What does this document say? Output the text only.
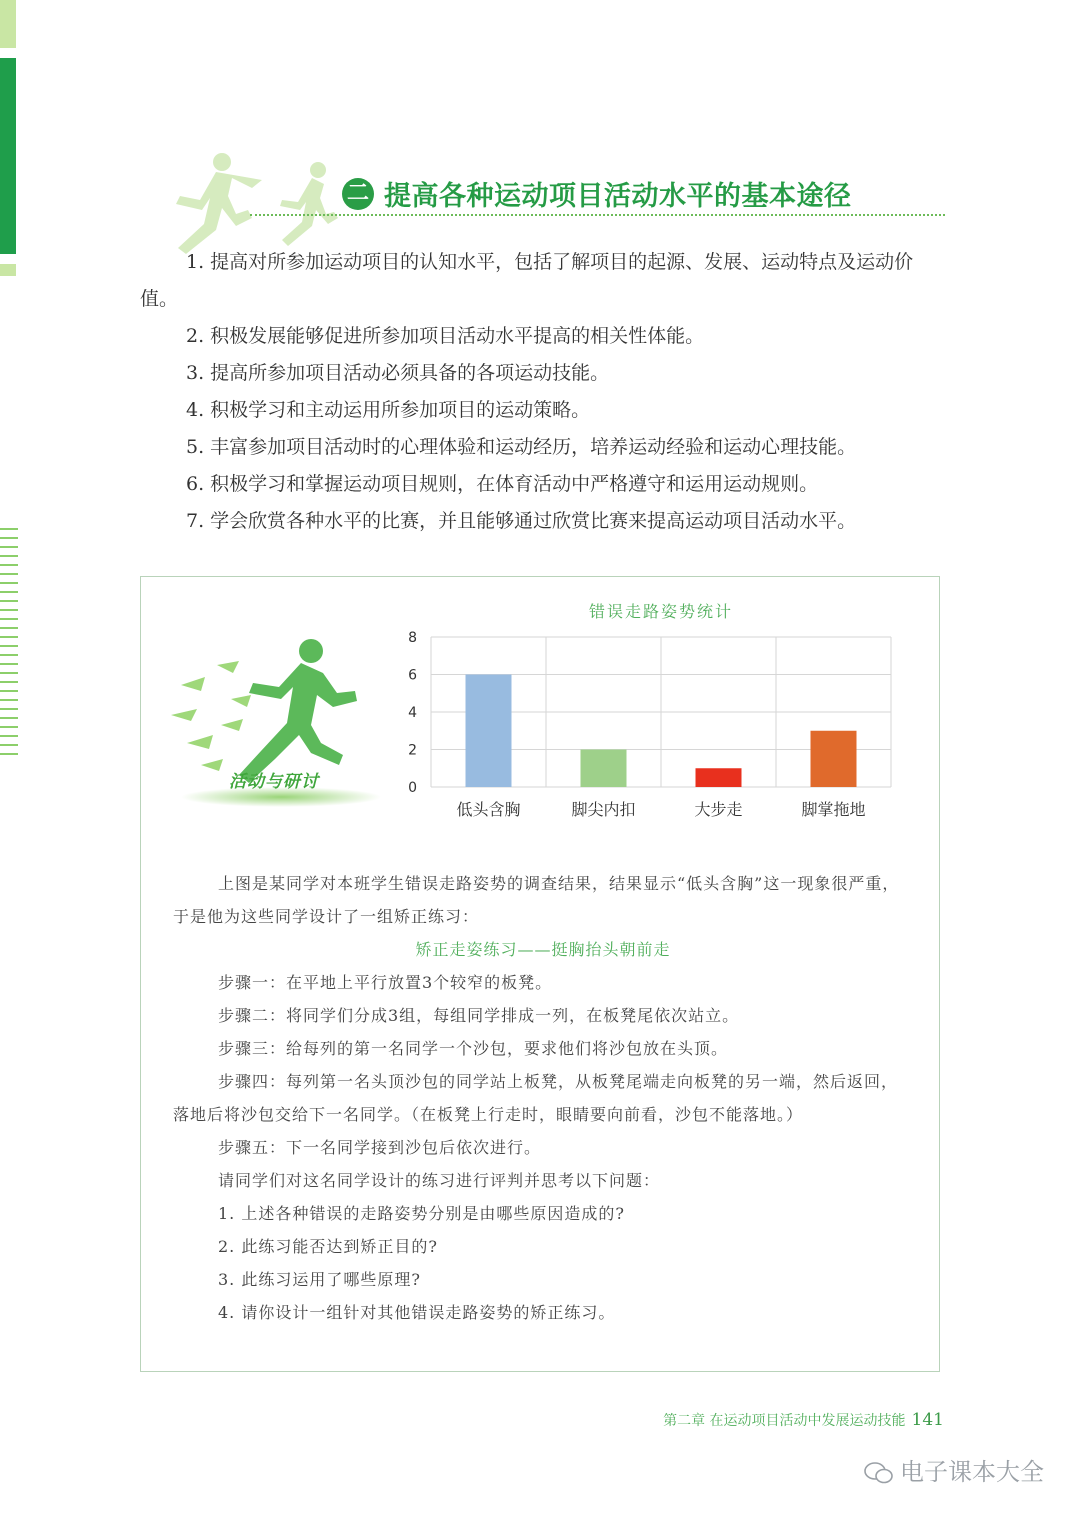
二 提高各种运动项目活动水平的基本途径
1. 提高对所参加运动项目的认知水平，包括了解项目的起源、发展、运动特点及运动价值。
2. 积极发展能够促进所参加项目活动水平提高的相关性体能。
3. 提高所参加项目活动必须具备的各项运动技能。
4. 积极学习和主动运用所参加项目的运动策略。
5. 丰富参加项目活动时的心理体验和运动经历，培养运动经验和运动心理技能。
6. 积极学习和掌握运动项目规则，在体育活动中严格遵守和运用运动规则。
7. 学会欣赏各种水平的比赛，并且能够通过欣赏比赛来提高运动项目活动水平。
活动与研讨
错误走路姿势统计
0
2
4
6
8
低头含胸	脚尖内扣	大步走	脚掌拖地

上图是某同学对本班学生错误走路姿势的调查结果，结果显示“低头含胸”这一现象很严重，于是他为这些同学设计了一组矫正练习：

矫正走姿练习——挺胸抬头朝前走

步骤一：在平地上平行放置3个较窄的板凳。

步骤二：将同学们分成3组，每组同学排成一列，在板凳尾依次站立。

步骤三：给每列的第一名同学一个沙包，要求他们将沙包放在头顶。

步骤四：每列第一名头顶沙包的同学站上板凳，从板凳尾端走向板凳的另一端，然后返回，落地后将沙包交给下一名同学。（在板凳上行走时，眼睛要向前看，沙包不能落地。）

步骤五：下一名同学接到沙包后依次进行。

请同学们对这名同学设计的练习进行评判并思考以下问题：

1. 上述各种错误的走路姿势分别是由哪些原因造成的?

2. 此练习能否达到矫正目的?

3. 此练习运用了哪些原理?

4. 请你设计一组针对其他错误走路姿势的矫正练习。

第二章 在运动项目活动中发展运动技能 141
电子课本大全
